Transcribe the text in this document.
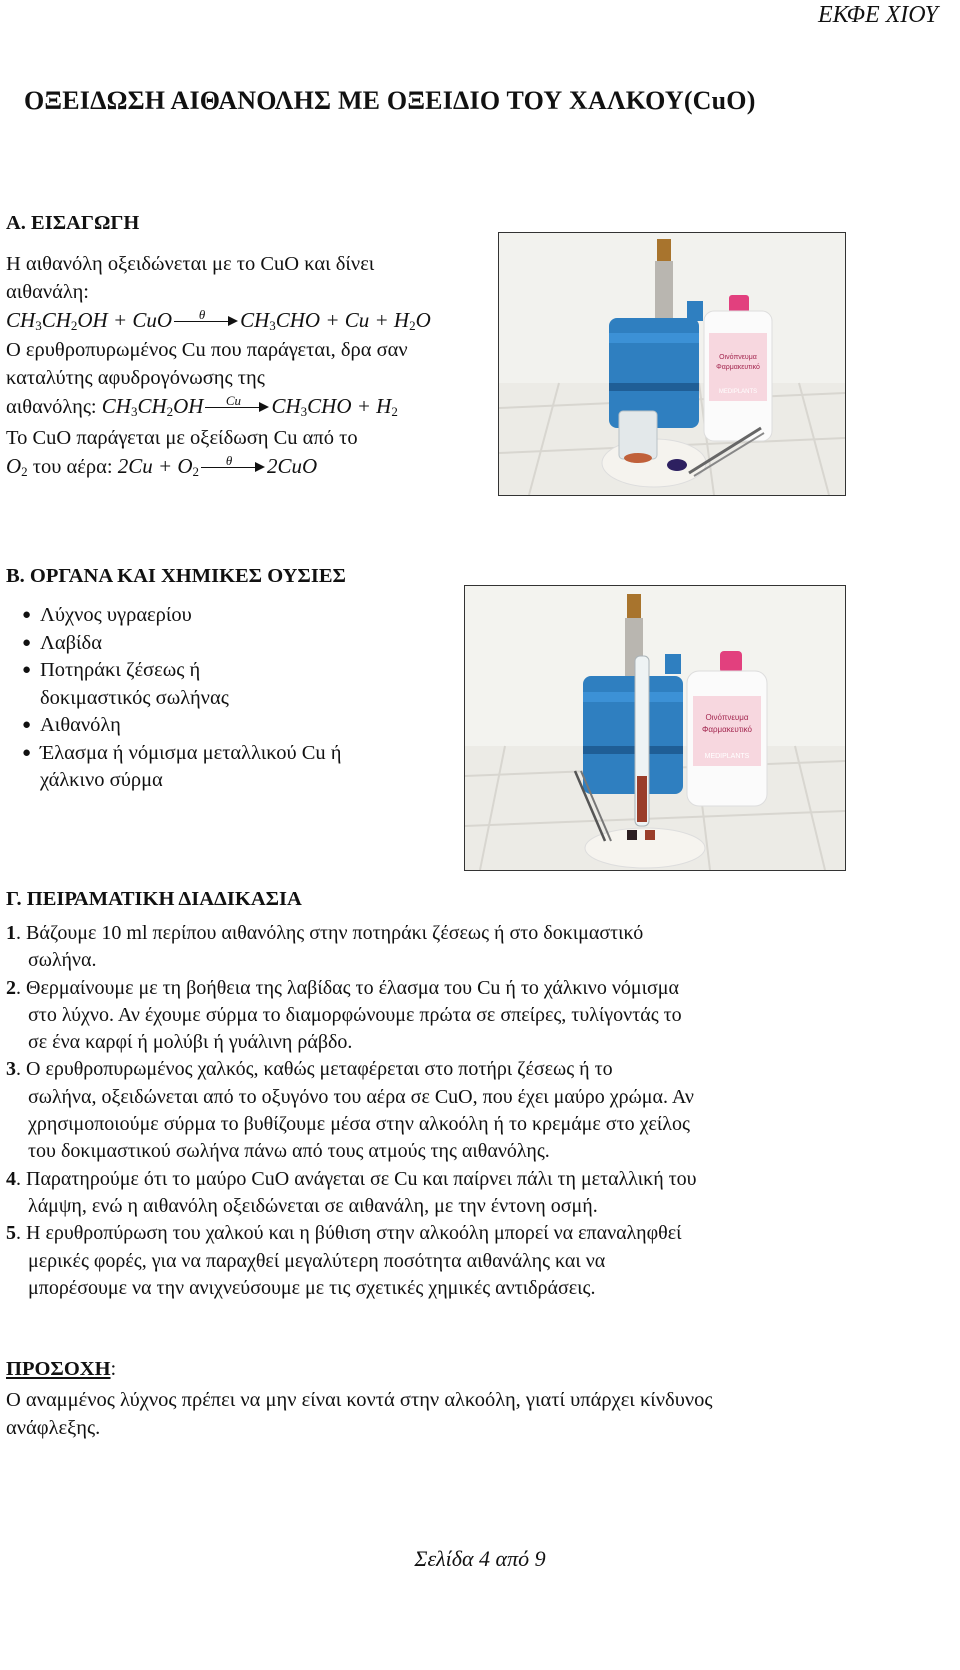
ΕΚΦΕ ΧΙΟΥ
ΟΞΕΙΔΩΣΗ ΑΙΘΑΝΟΛΗΣ ΜΕ ΟΞΕΙΔΙΟ ΤΟΥ ΧΑΛΚΟΥ(CuO)
Α. ΕΙΣΑΓΩΓΗ
Η αιθανόλη οξειδώνεται με το CuO και δίνει
αιθανάλη:
$CH_3CH_2OH$ + CuO	θ	$CH_3CHO + Cu + H_2O$
Ο ερυθροπυρωμένος Cu που παράγεται, δρα σαν
καταλύτης αφυδρογόνωσης της
αιθανόλης: $CH_3CH_2OH$	Cu	$CH_3CHO + H_2$
Το CuO παράγεται με οξείδωση Cu από το
$O_2$ του αέρα: $2Cu + O_2$
θ	2CuO
Οινόπνευμα
Φαρμακευτικό
MEDIPLANTS
Β. ΟΡΓΑΝΑ ΚΑΙ ΧΗΜΙΚΕΣ ΟΥΣΙΕΣ
● Λύχνος υγραερίου
● Λαβίδα
● Ποτηράκι ζέσεως ή
δοκιμαστικός σωλήνας
● Αιθανόλη
● Έλασμα ή νόμισμα μεταλλικού Cu ή
χάλκινο σύρμα
Οινόπνευμα
Φαρμακευτικό
MEDIPLANTS
Γ. ΠΕΙΡΑΜΑΤΙΚΗ ΔΙΑΔΙΚΑΣΙΑ
1. Βάζουμε 10 ml περίπου αιθανόλης στην ποτηράκι ζέσεως ή στο δοκιμαστικό
σωλήνα.
2. Θερμαίνουμε με τη βοήθεια της λαβίδας το έλασμα του Cu ή το χάλκινο νόμισμα
στο λύχνο. Αν έχουμε σύρμα το διαμορφώνουμε πρώτα σε σπείρες, τυλίγοντάς το
σε ένα καρφί ή μολύβι ή γυάλινη ράβδο.
3. Ο ερυθροπυρωμένος χαλκός, καθώς μεταφέρεται στο ποτήρι ζέσεως ή το
σωλήνα, οξειδώνεται από το οξυγόνο του αέρα σε CuO, που έχει μαύρο χρώμα. Αν
χρησιμοποιούμε σύρμα το βυθίζουμε μέσα στην αλκοόλη ή το κρεμάμε στο χείλος
του δοκιμαστικού σωλήνα πάνω από τους ατμούς της αιθανόλης.
4. Παρατηρούμε ότι το μαύρο CuO ανάγεται σε Cu και παίρνει πάλι τη μεταλλική του
λάμψη, ενώ η αιθανόλη οξειδώνεται σε αιθανάλη, με την έντονη οσμή.
5. Η ερυθροπύρωση του χαλκού και η βύθιση στην αλκοόλη μπορεί να επαναληφθεί
μερικές φορές, για να παραχθεί μεγαλύτερη ποσότητα αιθανάλης και να
μπορέσουμε να την ανιχνεύσουμε με τις σχετικές χημικές αντιδράσεις.
ΠΡΟΣΟΧΗ:
Ο αναμμένος λύχνος πρέπει να μην είναι κοντά στην αλκοόλη, γιατί υπάρχει κίνδυνος
ανάφλεξης.
Σελίδα 4 από 9
